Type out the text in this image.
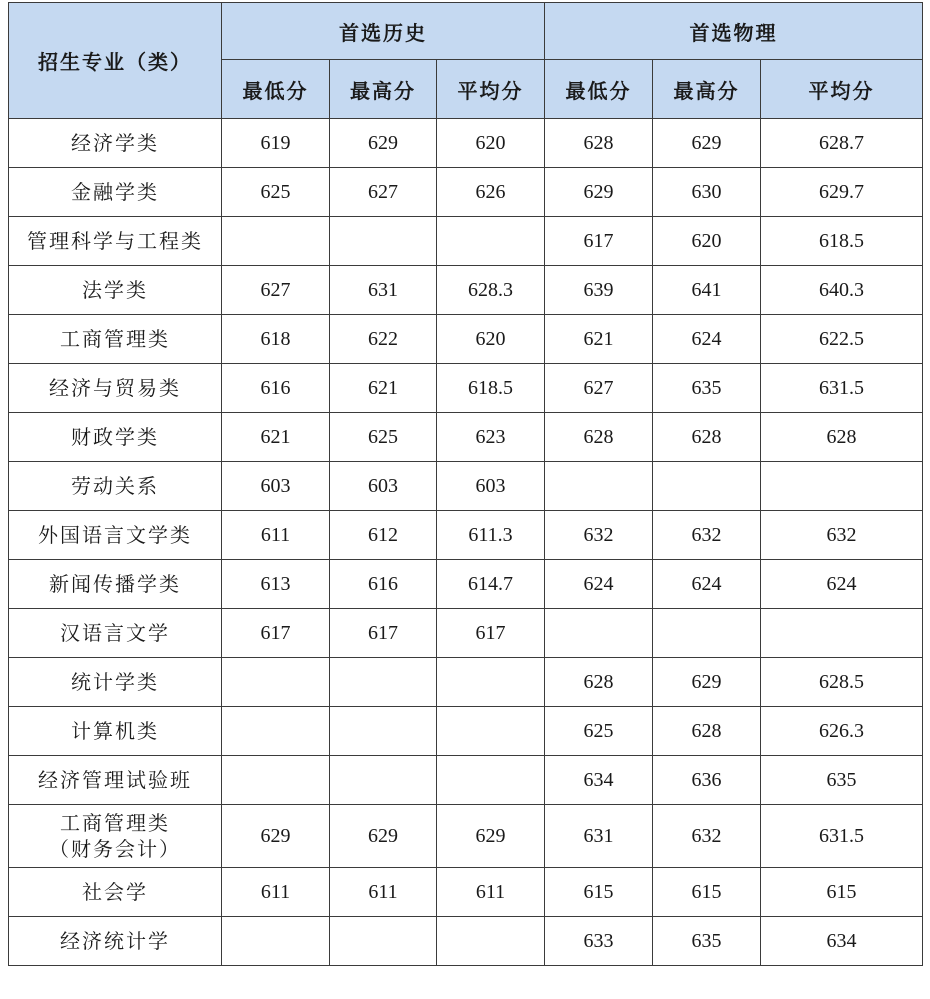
招生专业（类）	首选历史			首选物理		
	最低分	最高分	平均分	最低分	最高分	平均分

经济学类	619	629	620	628	629	628.7

金融学类	625	627	626	629	630	629.7

管理科学与工程类				617	620	618.5

法学类	627	631	628.3	639	641	640.3

工商管理类	618	622	620	621	624	622.5

经济与贸易类	616	621	618.5	627	635	631.5

财政学类	621	625	623	628	628	628

劳动关系	603	603	603			

外国语言文学类	611	612	611.3	632	632	632

新闻传播学类	613	616	614.7	624	624	624

汉语言文学	617	617	617			

统计学类				628	629	628.5

计算机类				625	628	626.3

经济管理试验班				634	636	635

工商管理类
（财务会计）	629	629	629	631	632	631.5

社会学	611	611	611	615	615	615

经济统计学				633	635	634
